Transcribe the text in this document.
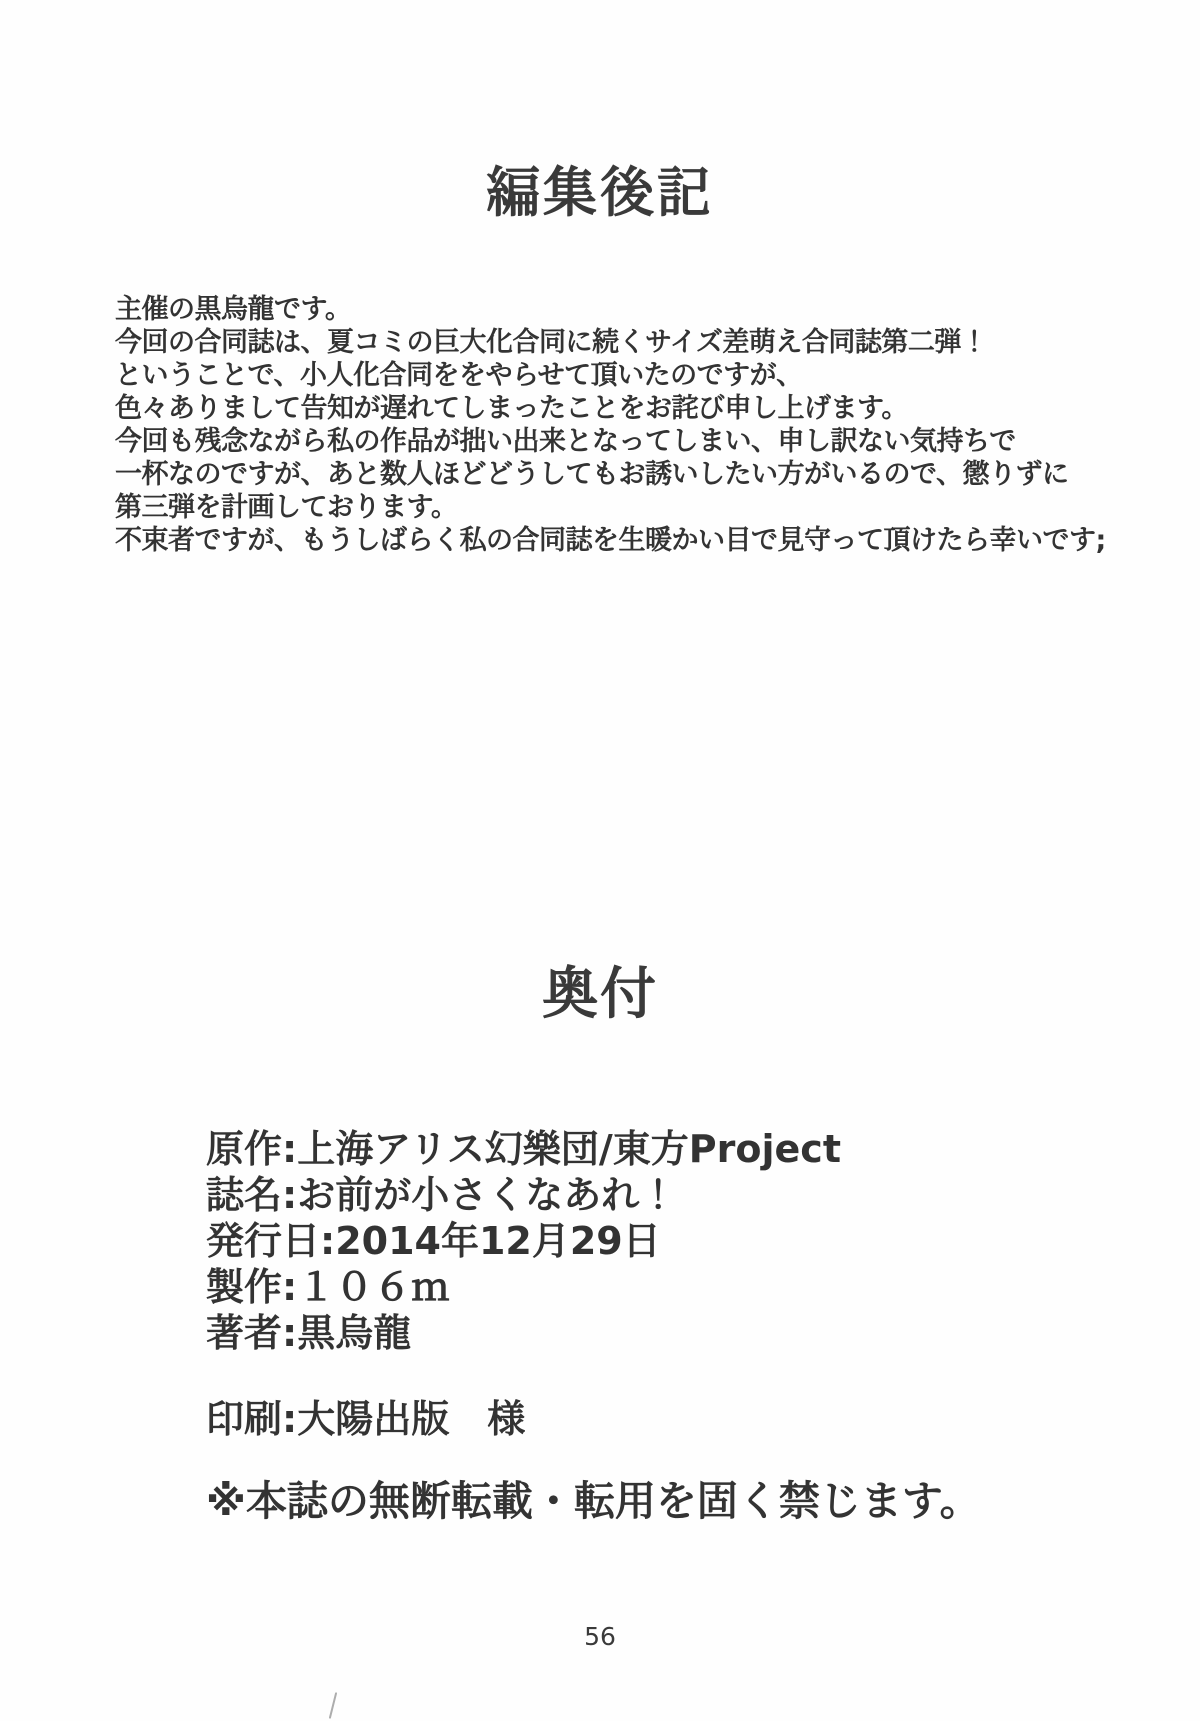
編集後記

主催の黒烏龍です。

今回の合同誌は、夏コミの巨大化合同に続くサイズ差萌え合同誌第二弾！

ということで、小人化合同ををやらせて頂いたのですが、

色々ありまして告知が遅れてしまったことをお詫び申し上げます。

今回も残念ながら私の作品が拙い出来となってしまい、申し訳ない気持ちで

一杯なのですが、あと数人ほどどうしてもお誘いしたい方がいるので、懲りずに

第三弾を計画しております。

不束者ですが、もうしばらく私の合同誌を生暖かい目で見守って頂けたら幸いです;

奥付

原作:上海アリス幻樂団/東方Project

誌名:お前が小さくなあれ！

発行日:2014年12月29日

製作:１０６ｍ

著者:黒烏龍

印刷:大陽出版　様

※本誌の無断転載・転用を固く禁じます。

56
